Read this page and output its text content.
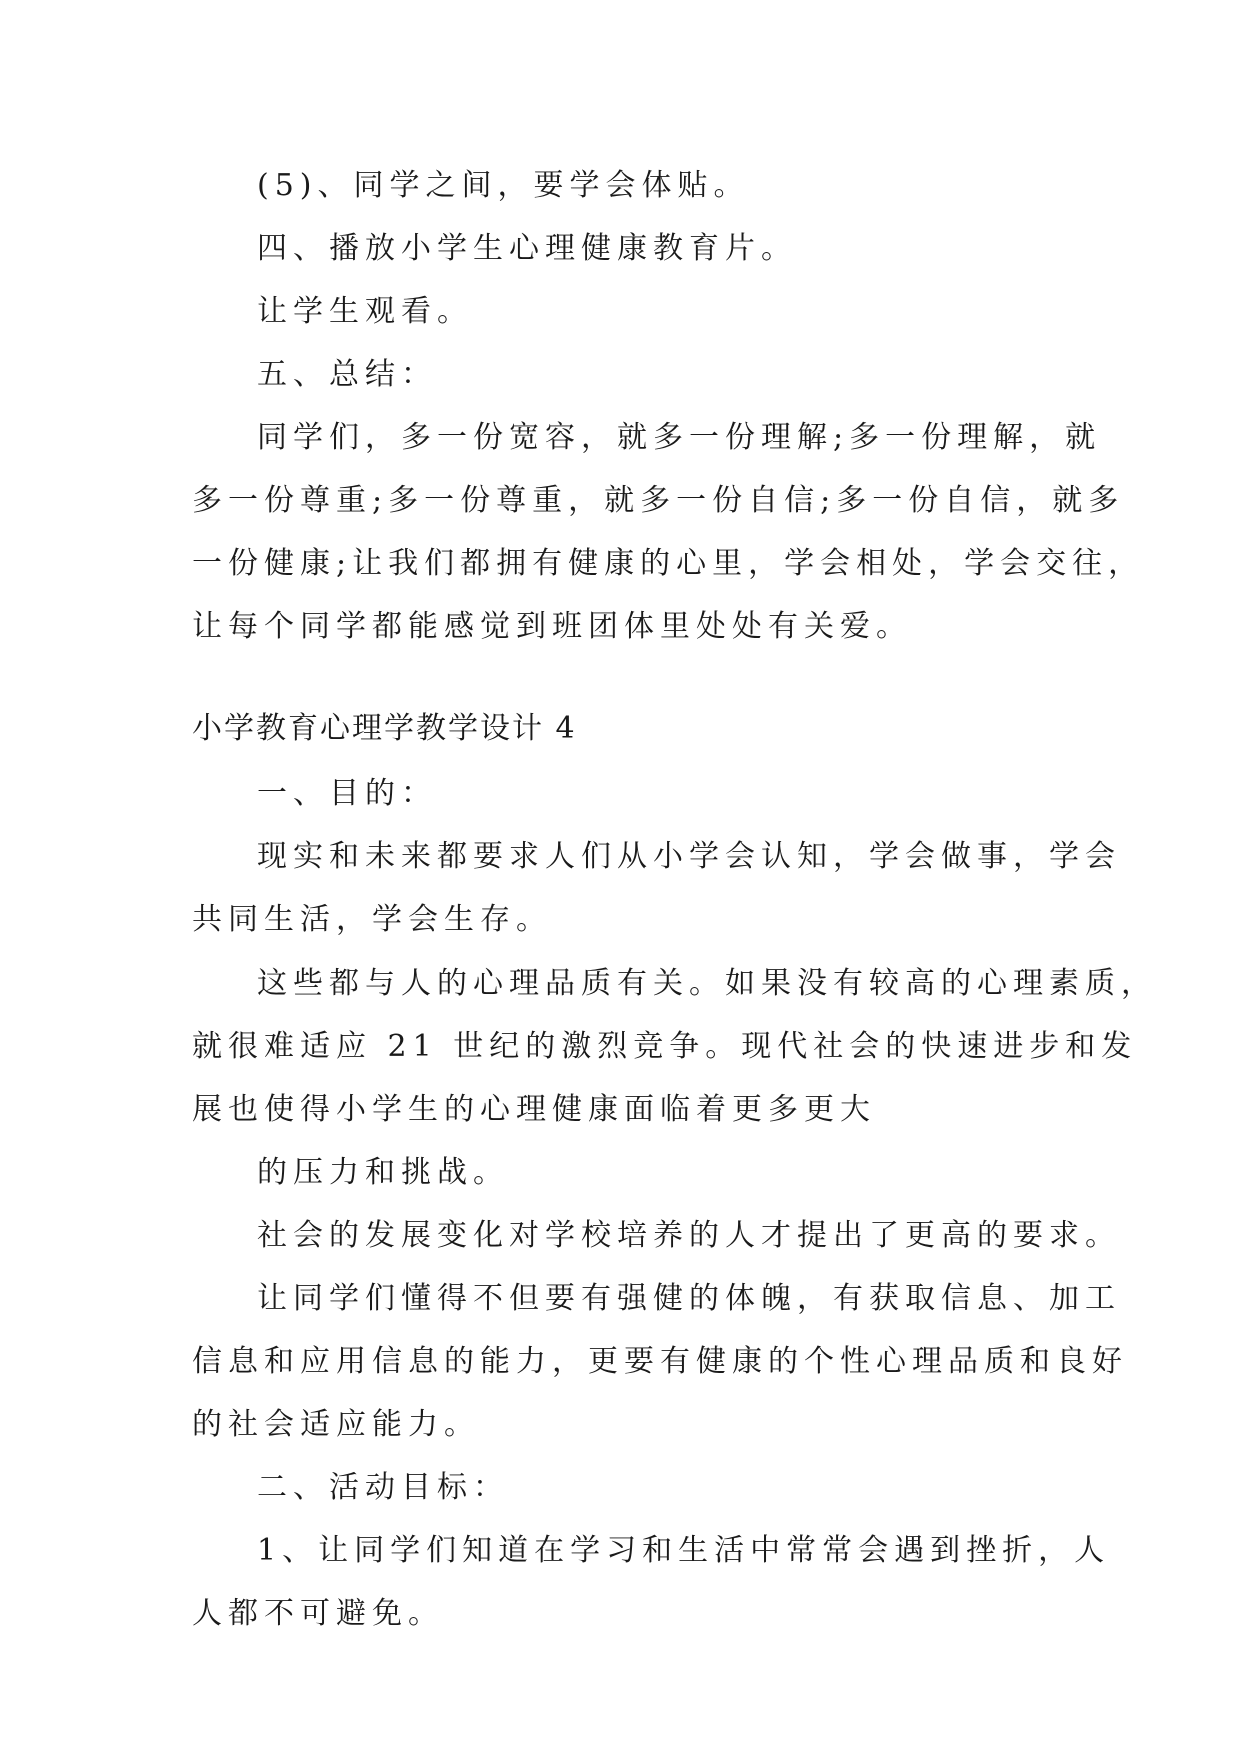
(5)、同学之间，要学会体贴。
四、播放小学生心理健康教育片。
让学生观看。
五、总结：
同学们，多一份宽容，就多一份理解;多一份理解，就
多一份尊重;多一份尊重，就多一份自信;多一份自信，就多
一份健康;让我们都拥有健康的心里，学会相处，学会交往，
让每个同学都能感觉到班团体里处处有关爱。
小学教育心理学教学设计 4
一、目的：
现实和未来都要求人们从小学会认知，学会做事，学会
共同生活，学会生存。
这些都与人的心理品质有关。如果没有较高的心理素质，
就很难适应 21 世纪的激烈竞争。现代社会的快速进步和发
展也使得小学生的心理健康面临着更多更大
的压力和挑战。
社会的发展变化对学校培养的人才提出了更高的要求。
让同学们懂得不但要有强健的体魄，有获取信息、加工
信息和应用信息的能力，更要有健康的个性心理品质和良好
的社会适应能力。
二、活动目标：
1、让同学们知道在学习和生活中常常会遇到挫折，人
人都不可避免。
